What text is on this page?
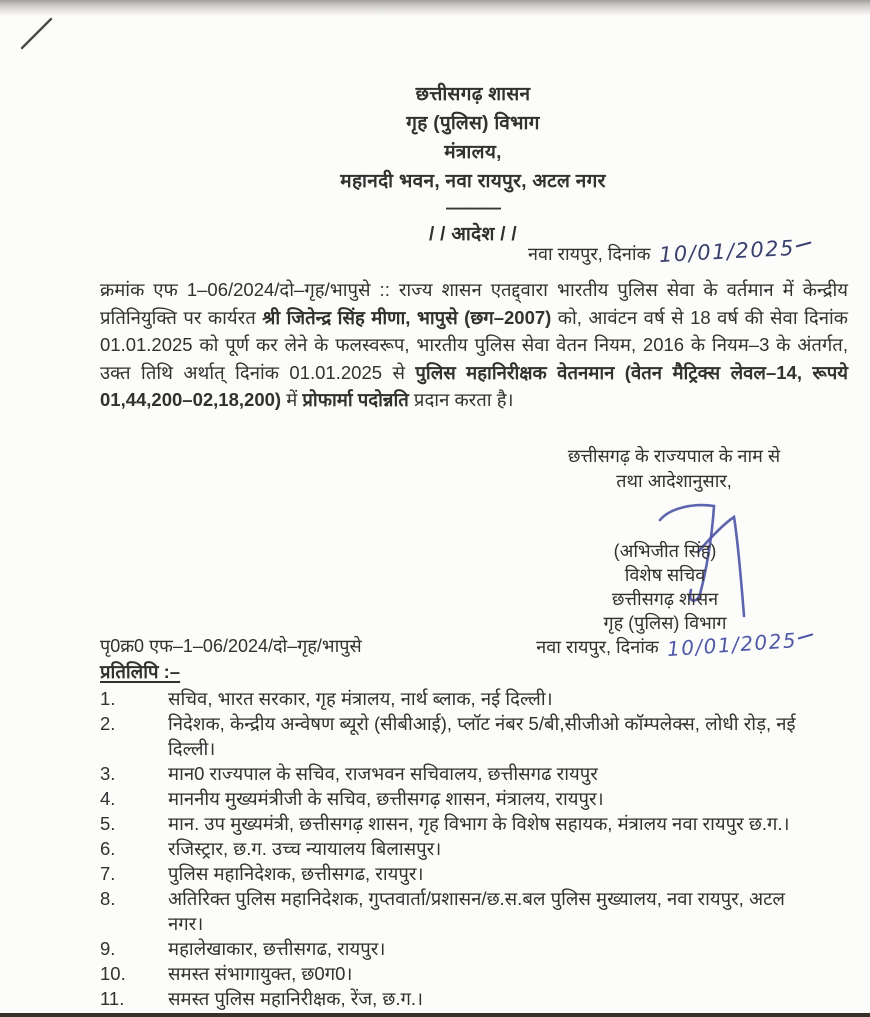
छत्तीसगढ़ शासन
गृह (पुलिस) विभाग
मंत्रालय,
महानदी भवन, नवा रायपुर, अटल नगर
———
/ / आदेश / /
नवा रायपुर, दिनांक 10/01/2025
क्रमांक एफ 1–06/2024/दो–गृह/भापुसे :: राज्य शासन एतद्द्वारा भारतीय पुलिस सेवा के वर्तमान में केन्द्रीय प्रतिनियुक्ति पर कार्यरत श्री जितेन्द्र सिंह मीणा, भापुसे (छग–2007) को, आवंटन वर्ष से 18 वर्ष की सेवा दिनांक 01.01.2025 को पूर्ण कर लेने के फलस्वरूप, भारतीय पुलिस सेवा वेतन नियम, 2016 के नियम–3 के अंतर्गत, उक्त तिथि अर्थात् दिनांक 01.01.2025 से पुलिस महानिरीक्षक वेतनमान (वेतन मैट्रिक्स लेवल–14, रूपये 01,44,200–02,18,200) में प्रोफार्मा पदोन्नति प्रदान करता है।
छत्तीसगढ़ के राज्यपाल के नाम से
तथा आदेशानुसार,
(अभिजीत सिंह)
विशेष सचिव
छत्तीसगढ़ शासन
गृह (पुलिस) विभाग
पृ0क्र0 एफ–1–06/2024/दो–गृह/भापुसे	नवा रायपुर, दिनांक 10/01/2025
प्रतिलिपि :–
1.	सचिव, भारत सरकार, गृह मंत्रालय, नार्थ ब्लाक, नई दिल्ली।
2.	निदेशक, केन्द्रीय अन्वेषण ब्यूरो (सीबीआई), प्लॉट नंबर 5/बी,सीजीओ कॉम्पलेक्स, लोधी रोड़, नई दिल्ली।
3.	मान0 राज्यपाल के सचिव, राजभवन सचिवालय, छत्तीसगढ रायपुर
4.	माननीय मुख्यमंत्रीजी के सचिव, छत्तीसगढ़ शासन, मंत्रालय, रायपुर।
5.	मान. उप मुख्यमंत्री, छत्तीसगढ़ शासन, गृह विभाग के विशेष सहायक, मंत्रालय नवा रायपुर छ.ग.।
6.	रजिस्ट्रार, छ.ग. उच्च न्यायालय बिलासपुर।
7.	पुलिस महानिदेशक, छत्तीसगढ, रायपुर।
8.	अतिरिक्त पुलिस महानिदेशक, गुप्तवार्ता/प्रशासन/छ.स.बल पुलिस मुख्यालय, नवा रायपुर, अटल नगर।
9.	महालेखाकार, छत्तीसगढ, रायपुर।
10.	समस्त संभागायुक्त, छ0ग0।
11.	समस्त पुलिस महानिरीक्षक, रेंज, छ.ग.।
